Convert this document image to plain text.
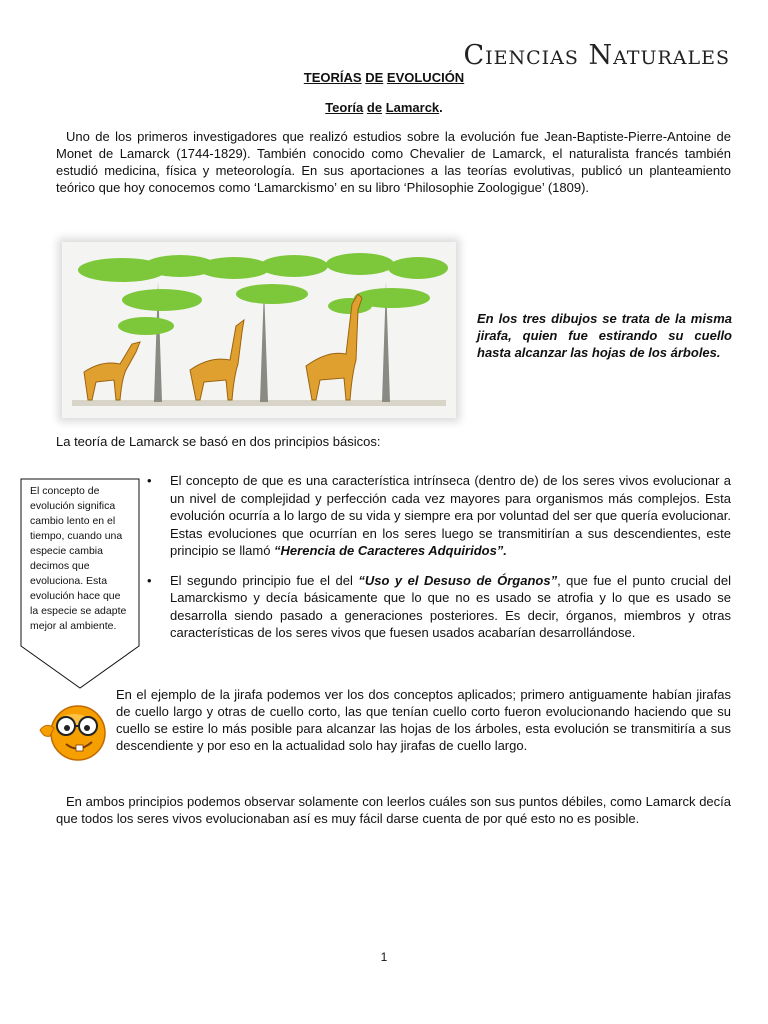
Ciencias Naturales
TEORÍAS DE EVOLUCIÓN
Teoría de Lamarck.
Uno de los primeros investigadores que realizó estudios sobre la evolución fue Jean-Baptiste-Pierre-Antoine de Monet de Lamarck (1744-1829). También conocido como Chevalier de Lamarck, el naturalista francés también estudió medicina, física y meteorología. En sus aportaciones a las teorías evolutivas, publicó un planteamiento teórico que hoy conocemos como ‘Lamarckismo’ en su libro ‘Philosophie Zoologigue’ (1809).
En los tres dibujos se trata de la misma jirafa, quien fue estirando su cuello hasta alcanzar las hojas de los árboles.
La teoría de Lamarck se basó en dos principios básicos:
El concepto de evolución significa cambio lento en el tiempo, cuando una especie cambia decimos que evoluciona. Esta evolución hace que la especie se adapte mejor al ambiente.
• El concepto de que es una característica intrínseca (dentro de) de los seres vivos evolucionar a un nivel de complejidad y perfección cada vez mayores para organismos más complejos. Esta evolución ocurría a lo largo de su vida y siempre era por voluntad del ser que quería evolucionar. Estas evoluciones que ocurrían en los seres luego se transmitirían a sus descendientes, este principio se llamó “Herencia de Caracteres Adquiridos”.
• El segundo principio fue el del “Uso y el Desuso de Órganos”, que fue el punto crucial del Lamarckismo y decía básicamente que lo que no es usado se atrofia y lo que es usado se desarrolla siendo pasado a generaciones posteriores. Es decir, órganos, miembros y otras características de los seres vivos que fuesen usados acabarían desarrollándose.
En el ejemplo de la jirafa podemos ver los dos conceptos aplicados; primero antiguamente habían jirafas de cuello largo y otras de cuello corto, las que tenían cuello corto fueron evolucionando haciendo que su cuello se estire lo más posible para alcanzar las hojas de los árboles, esta evolución se transmitiría a sus descendiente y por eso en la actualidad solo hay jirafas de cuello largo.
En ambos principios podemos observar solamente con leerlos cuáles son sus puntos débiles, como Lamarck decía que todos los seres vivos evolucionaban así es muy fácil darse cuenta de por qué esto no es posible.
1
